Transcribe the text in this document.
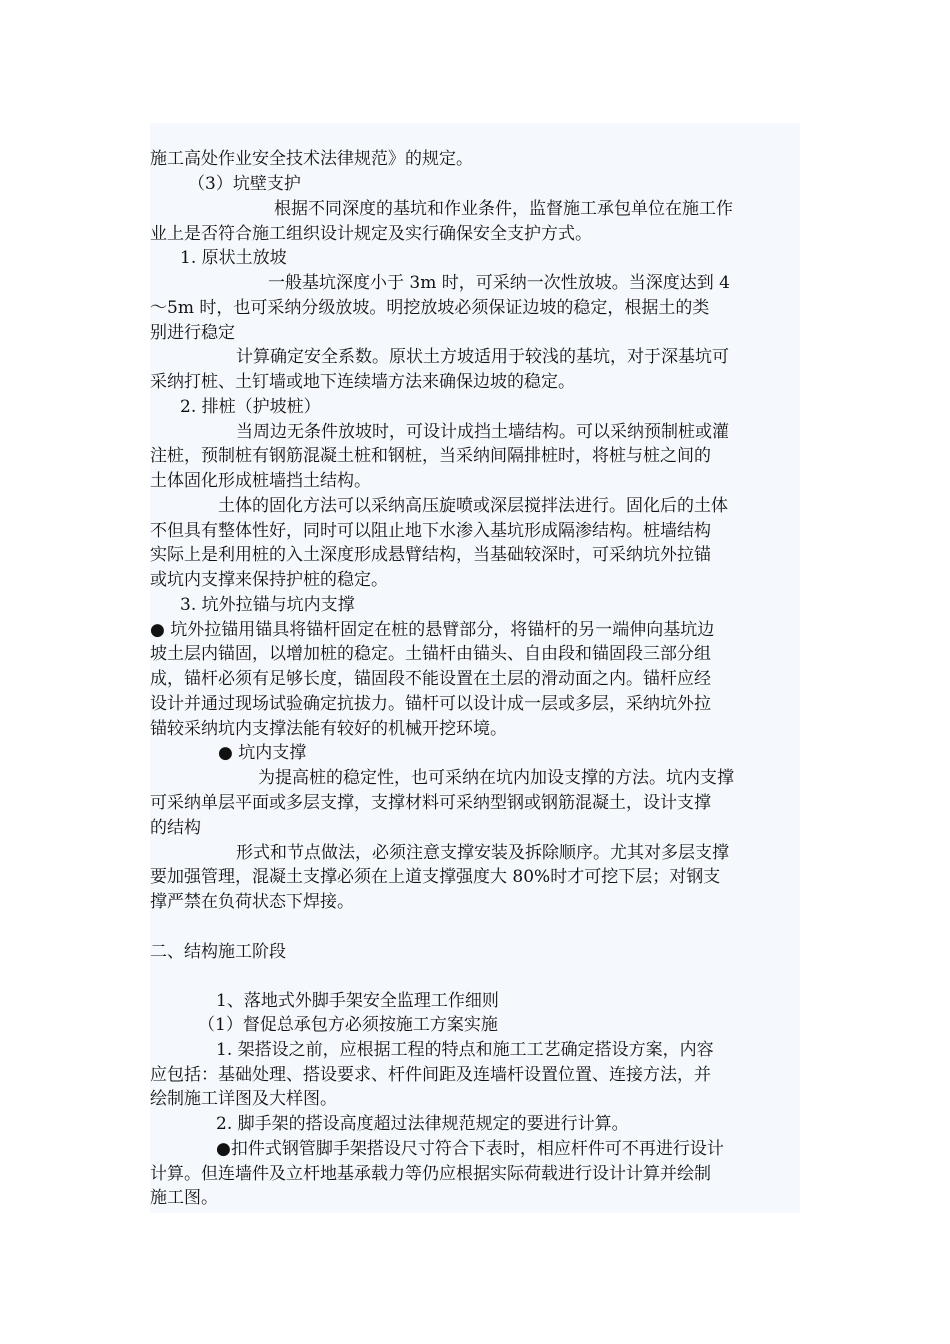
施工高处作业安全技术法律规范》的规定。
（3）坑壁支护
根据不同深度的基坑和作业条件，监督施工承包单位在施工作
业上是否符合施工组织设计规定及实行确保安全支护方式。
1. 原状土放坡
一般基坑深度小于 3m 时，可采纳一次性放坡。当深度达到 4
～5m 时，也可采纳分级放坡。明挖放坡必须保证边坡的稳定，根据土的类
别进行稳定
计算确定安全系数。原状土方坡适用于较浅的基坑，对于深基坑可
采纳打桩、土钉墙或地下连续墙方法来确保边坡的稳定。
2. 排桩（护坡桩）
当周边无条件放坡时，可设计成挡土墙结构。可以采纳预制桩或灌
注桩，预制桩有钢筋混凝土桩和钢桩，当采纳间隔排桩时，将桩与桩之间的
土体固化形成桩墙挡土结构。
土体的固化方法可以采纳高压旋喷或深层搅拌法进行。固化后的土体
不但具有整体性好，同时可以阻止地下水渗入基坑形成隔渗结构。桩墙结构
实际上是利用桩的入土深度形成悬臂结构，当基础较深时，可采纳坑外拉锚
或坑内支撑来保持护桩的稳定。
3. 坑外拉锚与坑内支撑
● 坑外拉锚用锚具将锚杆固定在桩的悬臂部分，将锚杆的另一端伸向基坑边
坡土层内锚固，以增加桩的稳定。土锚杆由锚头、自由段和锚固段三部分组
成，锚杆必须有足够长度，锚固段不能设置在土层的滑动面之内。锚杆应经
设计并通过现场试验确定抗拔力。锚杆可以设计成一层或多层，采纳坑外拉
锚较采纳坑内支撑法能有较好的机械开挖环境。
● 坑内支撑
为提高桩的稳定性，也可采纳在坑内加设支撑的方法。坑内支撑
可采纳单层平面或多层支撑，支撑材料可采纳型钢或钢筋混凝土，设计支撑
的结构
形式和节点做法，必须注意支撑安装及拆除顺序。尤其对多层支撑
要加强管理，混凝土支撑必须在上道支撑强度大 80%时才可挖下层；对钢支
撑严禁在负荷状态下焊接。
二、结构施工阶段
1、落地式外脚手架安全监理工作细则
（1）督促总承包方必须按施工方案实施
1. 架搭设之前，应根据工程的特点和施工工艺确定搭设方案，内容
应包括：基础处理、搭设要求、杆件间距及连墙杆设置位置、连接方法，并
绘制施工详图及大样图。
2. 脚手架的搭设高度超过法律规范规定的要进行计算。
●扣件式钢管脚手架搭设尺寸符合下表时，相应杆件可不再进行设计
计算。但连墙件及立杆地基承载力等仍应根据实际荷载进行设计计算并绘制
施工图。
